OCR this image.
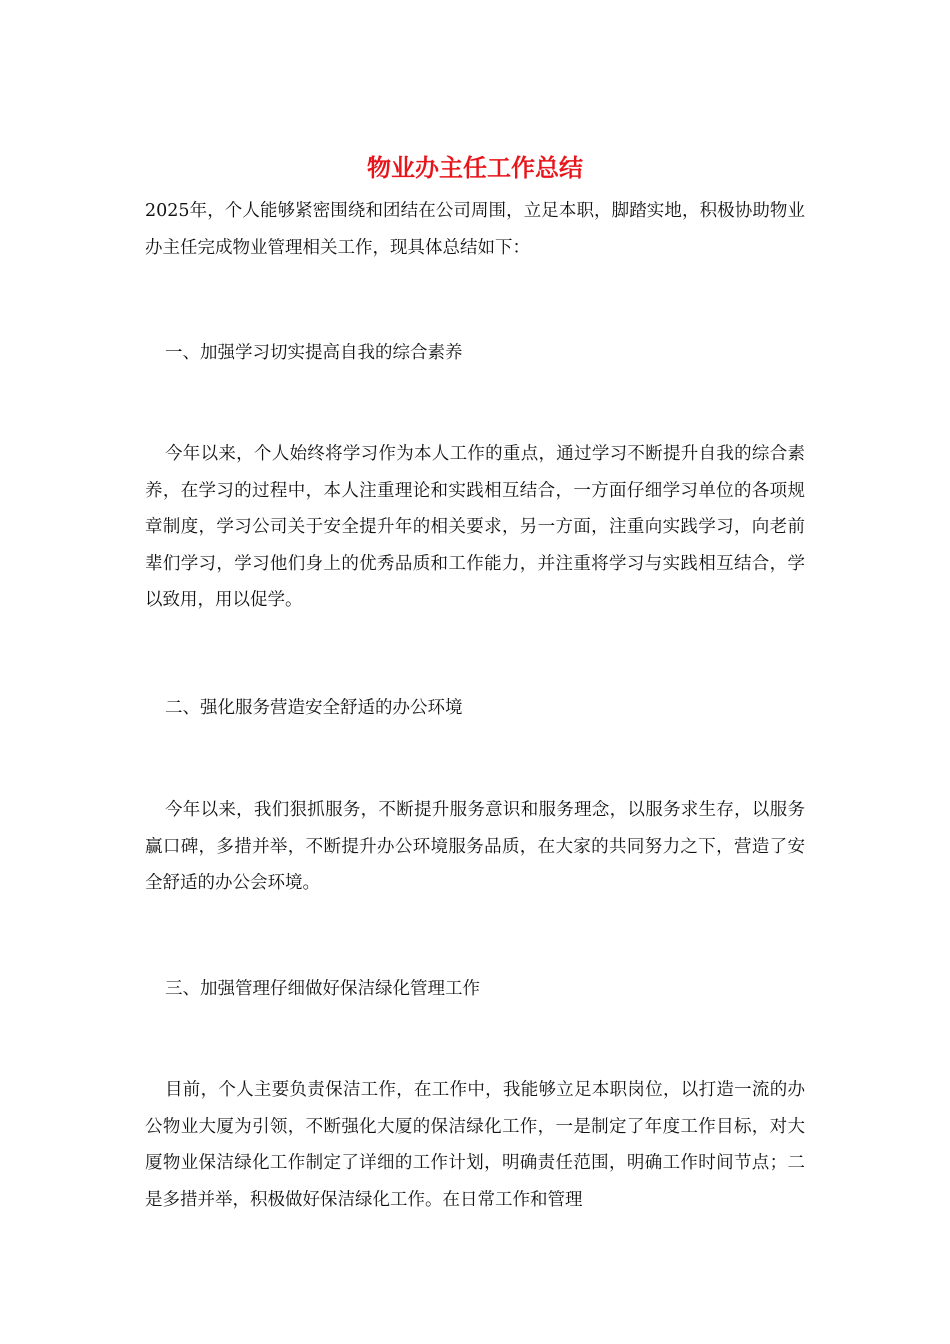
物业办主任工作总结

2025年，个人能够紧密围绕和团结在公司周围，立足本职，脚踏实地，积极协助物业办主任完成物业管理相关工作，现具体总结如下：

一、加强学习切实提高自我的综合素养

今年以来，个人始终将学习作为本人工作的重点，通过学习不断提升自我的综合素养，在学习的过程中，本人注重理论和实践相互结合，一方面仔细学习单位的各项规章制度，学习公司关于安全提升年的相关要求，另一方面，注重向实践学习，向老前辈们学习，学习他们身上的优秀品质和工作能力，并注重将学习与实践相互结合，学以致用，用以促学。

二、强化服务营造安全舒适的办公环境

今年以来，我们狠抓服务，不断提升服务意识和服务理念，以服务求生存，以服务赢口碑，多措并举，不断提升办公环境服务品质，在大家的共同努力之下，营造了安全舒适的办公会环境。

三、加强管理仔细做好保洁绿化管理工作

目前，个人主要负责保洁工作，在工作中，我能够立足本职岗位，以打造一流的办公物业大厦为引领，不断强化大厦的保洁绿化工作，一是制定了年度工作目标，对大厦物业保洁绿化工作制定了详细的工作计划，明确责任范围，明确工作时间节点；二是多措并举，积极做好保洁绿化工作。在日常工作和管理
